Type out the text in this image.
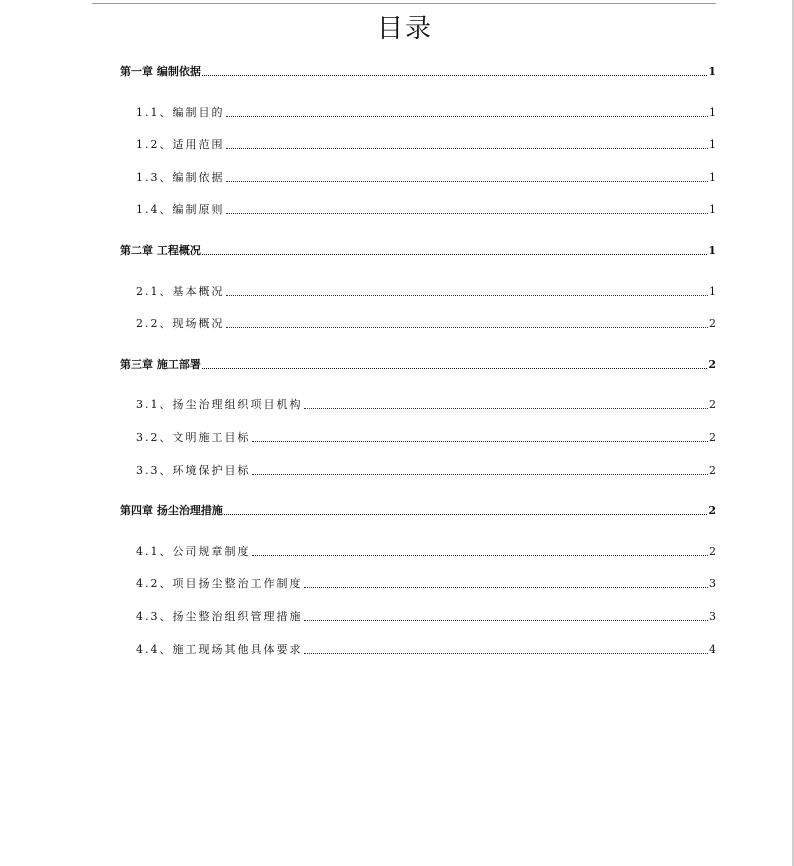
目录
第一章 编制依据	1
1.1、编制目的	1
1.2、适用范围	1
1.3、编制依据	1
1.4、编制原则	1
第二章 工程概况	1
2.1、基本概况	1
2.2、现场概况	2
第三章 施工部署	2
3.1、扬尘治理组织项目机构	2
3.2、文明施工目标	2
3.3、环境保护目标	2
第四章 扬尘治理措施	2
4.1、公司规章制度	2
4.2、项目扬尘整治工作制度	3
4.3、扬尘整治组织管理措施	3
4.4、施工现场其他具体要求	4
